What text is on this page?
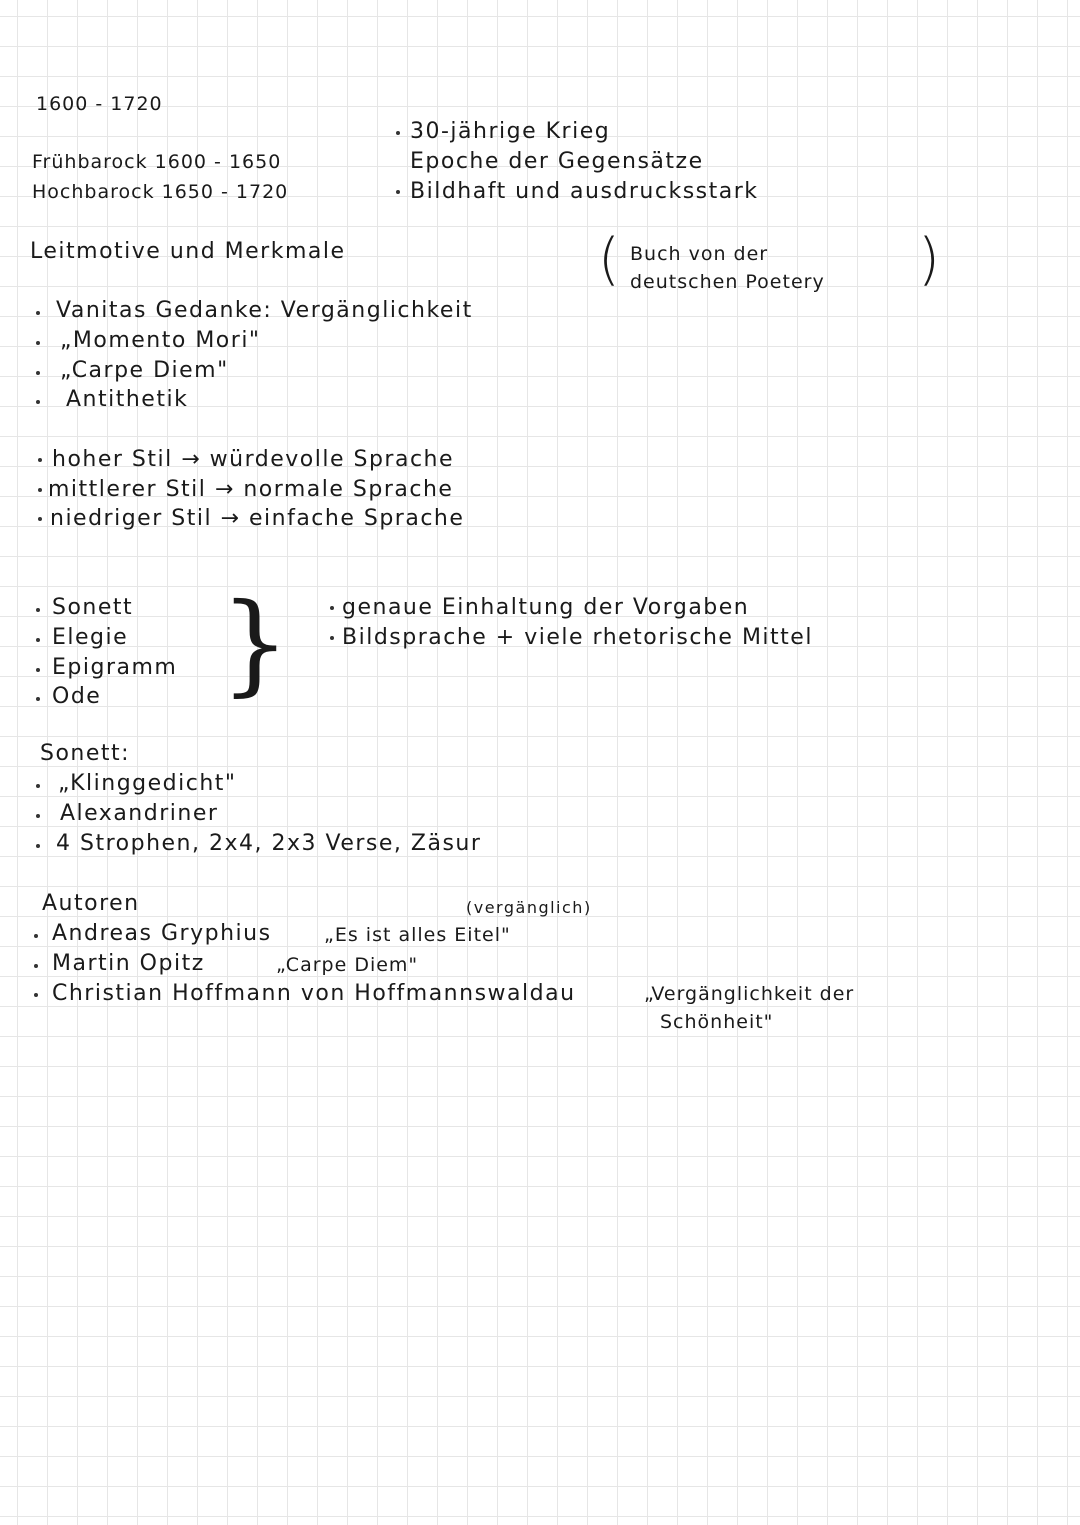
1600 - 1720
Frühbarock 1600 - 1650
Hochbarock 1650 - 1720
30-jährige Krieg
Epoche der Gegensätze
Bildhaft und ausdrucksstark
( Buch von der
deutschen Poetery )
Leitmotive und Merkmale
Vanitas Gedanke: Vergänglichkeit
„Momento Mori"
„Carpe Diem"
Antithetik
hoher Stil → würdevolle Sprache
mittlerer Stil → normale Sprache
niedriger Stil → einfache Sprache
Sonett
Elegie
Epigramm
Ode } genaue Einhaltung der Vorgaben
Bildsprache + viele rhetorische Mittel
Sonett:
„Klinggedicht"
Alexandriner
4 Strophen, 2x4, 2x3 Verse, Zäsur
Autoren	(vergänglich)
Andreas Gryphius	„Es ist alles Eitel"
Martin Opitz	„Carpe Diem"
Christian Hoffmann von Hoffmannswaldau	„Vergänglichkeit der
Schönheit"
